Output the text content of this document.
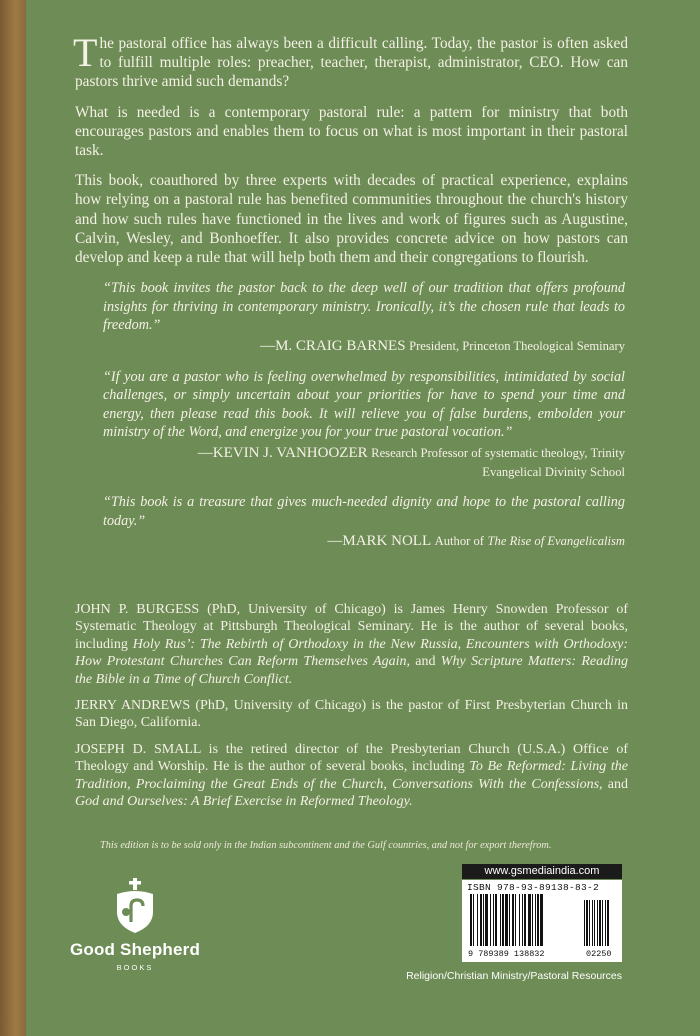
The pastoral office has always been a difficult calling. Today, the pastor is often asked to fulfill multiple roles: preacher, teacher, therapist, administrator, CEO. How can pastors thrive amid such demands?

What is needed is a contemporary pastoral rule: a pattern for ministry that both encourages pastors and enables them to focus on what is most important in their pastoral task.

This book, coauthored by three experts with decades of practical experience, explains how relying on a pastoral rule has benefited communities throughout the church's history and how such rules have functioned in the lives and work of figures such as Augustine, Calvin, Wesley, and Bonhoeffer. It also provides concrete advice on how pastors can develop and keep a rule that will help both them and their congregations to flourish.

“This book invites the pastor back to the deep well of our tradition that offers profound insights for thriving in contemporary ministry. Ironically, it’s the chosen rule that leads to freedom.”

—M. CRAIG BARNES President, Princeton Theological Seminary

“If you are a pastor who is feeling overwhelmed by responsibilities, intimidated by social challenges, or simply uncertain about your priorities for have to spend your time and energy, then please read this book. It will relieve you of false burdens, embolden your ministry of the Word, and energize you for your true pastoral vocation.”

—KEVIN J. VANHOOZER Research Professor of systematic theology, Trinity
Evangelical Divinity School

“This book is a treasure that gives much-needed dignity and hope to the pastoral calling today.”

—MARK NOLL Author of The Rise of Evangelicalism

JOHN P. BURGESS (PhD, University of Chicago) is James Henry Snowden Professor of Systematic Theology at Pittsburgh Theological Seminary. He is the author of several books, including Holy Rus’: The Rebirth of Orthodoxy in the New Russia, Encounters with Orthodoxy: How Protestant Churches Can Reform Themselves Again, and Why Scripture Matters: Reading the Bible in a Time of Church Conflict.

JERRY ANDREWS (PhD, University of Chicago) is the pastor of First Presbyterian Church in San Diego, California.

JOSEPH D. SMALL is the retired director of the Presbyterian Church (U.S.A.) Office of Theology and Worship. He is the author of several books, including To Be Reformed: Living the Tradition, Proclaiming the Great Ends of the Church, Conversations With the Confessions, and God and Ourselves: A Brief Exercise in Reformed Theology.

This edition is to be sold only in the Indian subcontinent and the Gulf countries, and not for export therefrom.

Good Shepherd
BOOKS
www.gsmediaindia.com
ISBN 978-93-89138-83-2
9 789389 138832	02250
Religion/Christian Ministry/Pastoral Resources
